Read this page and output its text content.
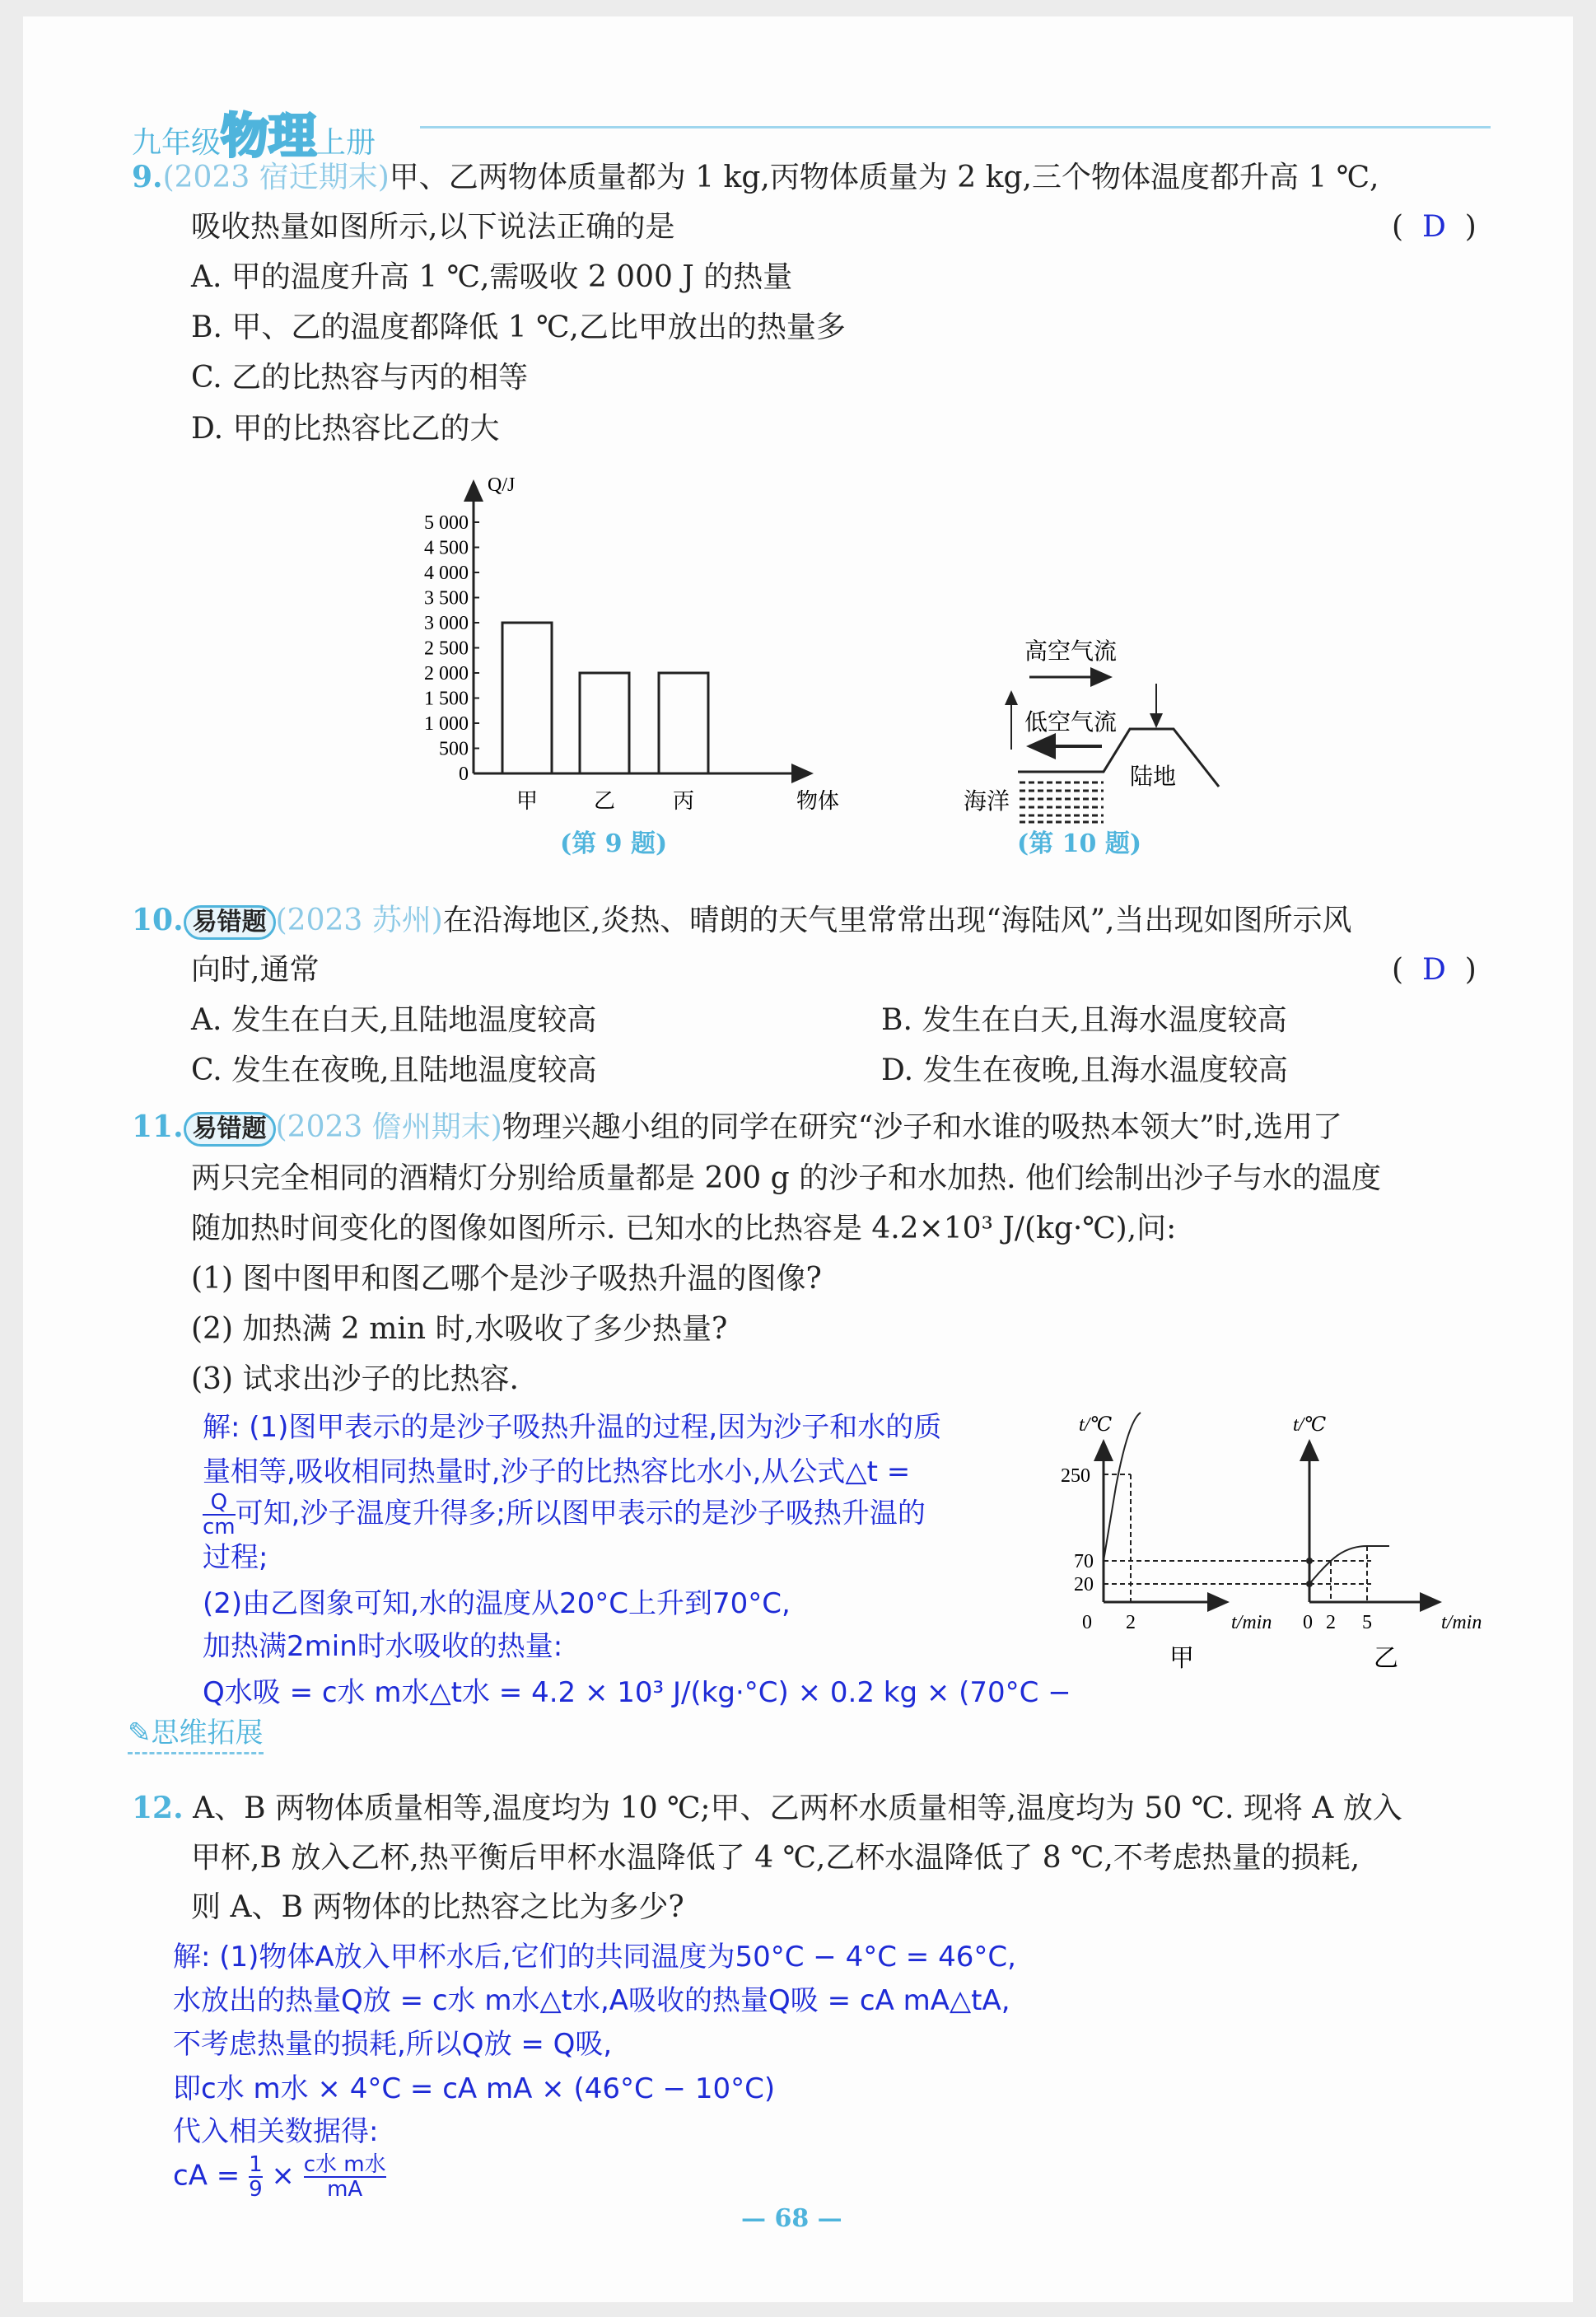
九年级物理上册
9.(2023 宿迁期末)甲、乙两物体质量都为 1 kg,丙物体质量为 2 kg,三个物体温度都升高 1 ℃,
吸收热量如图所示,以下说法正确的是	( D )
A. 甲的温度升高 1 ℃,需吸收 2 000 J 的热量
B. 甲、乙的温度都降低 1 ℃,乙比甲放出的热量多
C. 乙的比热容与丙的相等
D. 甲的比热容比乙的大
Q/J
物体
0
500
1 000
1 500
2 000
2 500
3 000
3 500
4 000
4 500
5 000
甲	乙	丙
(第 9 题)
高空气流
低空气流
海洋
陆地
(第 10 题)
10. 易错题 (2023 苏州)在沿海地区,炎热、晴朗的天气里常常出现“海陆风”,当出现如图所示风
向时,通常	( D )
A. 发生在白天,且陆地温度较高	B. 发生在白天,且海水温度较高
C. 发生在夜晚,且陆地温度较高	D. 发生在夜晚,且海水温度较高
11. 易错题 (2023 儋州期末)物理兴趣小组的同学在研究“沙子和水谁的吸热本领大”时,选用了
两只完全相同的酒精灯分别给质量都是 200 g 的沙子和水加热. 他们绘制出沙子与水的温度
随加热时间变化的图像如图所示. 已知水的比热容是 4.2×10³ J/(kg·℃),问:
(1) 图中图甲和图乙哪个是沙子吸热升温的图像?
(2) 加热满 2 min 时,水吸收了多少热量?
(3) 试求出沙子的比热容.
解: (1)图甲表示的是沙子吸热升温的过程,因为沙子和水的质
量相等,吸收相同热量时,沙子的比热容比水小,从公式△t =
$\frac{Q}{cm}$ 可知,沙子温度升得多;所以图甲表示的是沙子吸热升温的
过程;
(2)由乙图象可知,水的温度从20°C上升到70°C,
加热满2min时水吸收的热量:
Q水吸 = c水 m水△t水 = 4.2 × 10³ J/(kg·°C) × 0.2 kg × (70°C −
t/℃
250
70
20
0 2	t/min
甲
t/℃
0 2 5	t/min
乙
✎思维拓展
12. A、B 两物体质量相等,温度均为 10 ℃;甲、乙两杯水质量相等,温度均为 50 ℃. 现将 A 放入
甲杯,B 放入乙杯,热平衡后甲杯水温降低了 4 ℃,乙杯水温降低了 8 ℃,不考虑热量的损耗,
则 A、B 两物体的比热容之比为多少?
解: (1)物体A放入甲杯水后,它们的共同温度为50°C − 4°C = 46°C,
水放出的热量Q放 = c水 m水△t水,A吸收的热量Q吸 = cA mA△tA,
不考虑热量的损耗,所以Q放 = Q吸,
即c水 m水 × 4°C = cA mA × (46°C − 10°C)
代入相关数据得:
cA = $\frac{1}{9} \times \frac{\text{c水 m水}}{mA}$
— 68 —
